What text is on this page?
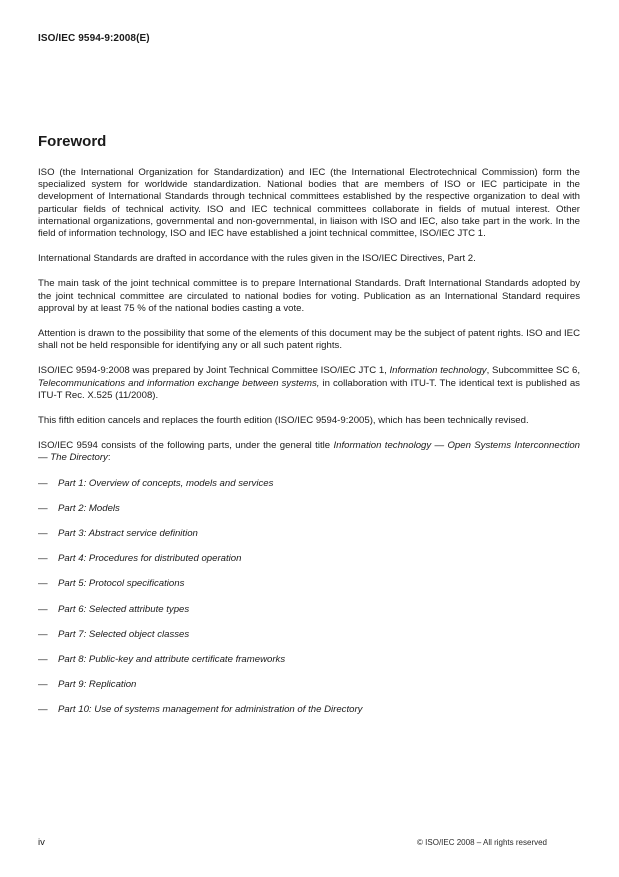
ISO/IEC 9594-9:2008(E)
Foreword

ISO (the International Organization for Standardization) and IEC (the International Electrotechnical Commission) form the specialized system for worldwide standardization. National bodies that are members of ISO or IEC participate in the development of International Standards through technical committees established by the respective organization to deal with particular fields of technical activity. ISO and IEC technical committees collaborate in fields of mutual interest. Other international organizations, governmental and non-governmental, in liaison with ISO and IEC, also take part in the work. In the field of information technology, ISO and IEC have established a joint technical committee, ISO/IEC JTC 1.

International Standards are drafted in accordance with the rules given in the ISO/IEC Directives, Part 2.

The main task of the joint technical committee is to prepare International Standards. Draft International Standards adopted by the joint technical committee are circulated to national bodies for voting. Publication as an International Standard requires approval by at least 75 % of the national bodies casting a vote.

Attention is drawn to the possibility that some of the elements of this document may be the subject of patent rights. ISO and IEC shall not be held responsible for identifying any or all such patent rights.

ISO/IEC 9594-9:2008 was prepared by Joint Technical Committee ISO/IEC JTC 1, Information technology, Subcommittee SC 6, Telecommunications and information exchange between systems, in collaboration with ITU-T. The identical text is published as ITU-T Rec. X.525 (11/2008).

This fifth edition cancels and replaces the fourth edition (ISO/IEC 9594-9:2005), which has been technically revised.

ISO/IEC 9594 consists of the following parts, under the general title Information technology — Open Systems Interconnection — The Directory:

—	Part 1: Overview of concepts, models and services
—	Part 2: Models
—	Part 3: Abstract service definition
—	Part 4: Procedures for distributed operation
—	Part 5: Protocol specifications
—	Part 6: Selected attribute types
—	Part 7: Selected object classes
—	Part 8: Public-key and attribute certificate frameworks
—	Part 9: Replication
—	Part 10: Use of systems management for administration of the Directory
iv	© ISO/IEC 2008 – All rights reserved
